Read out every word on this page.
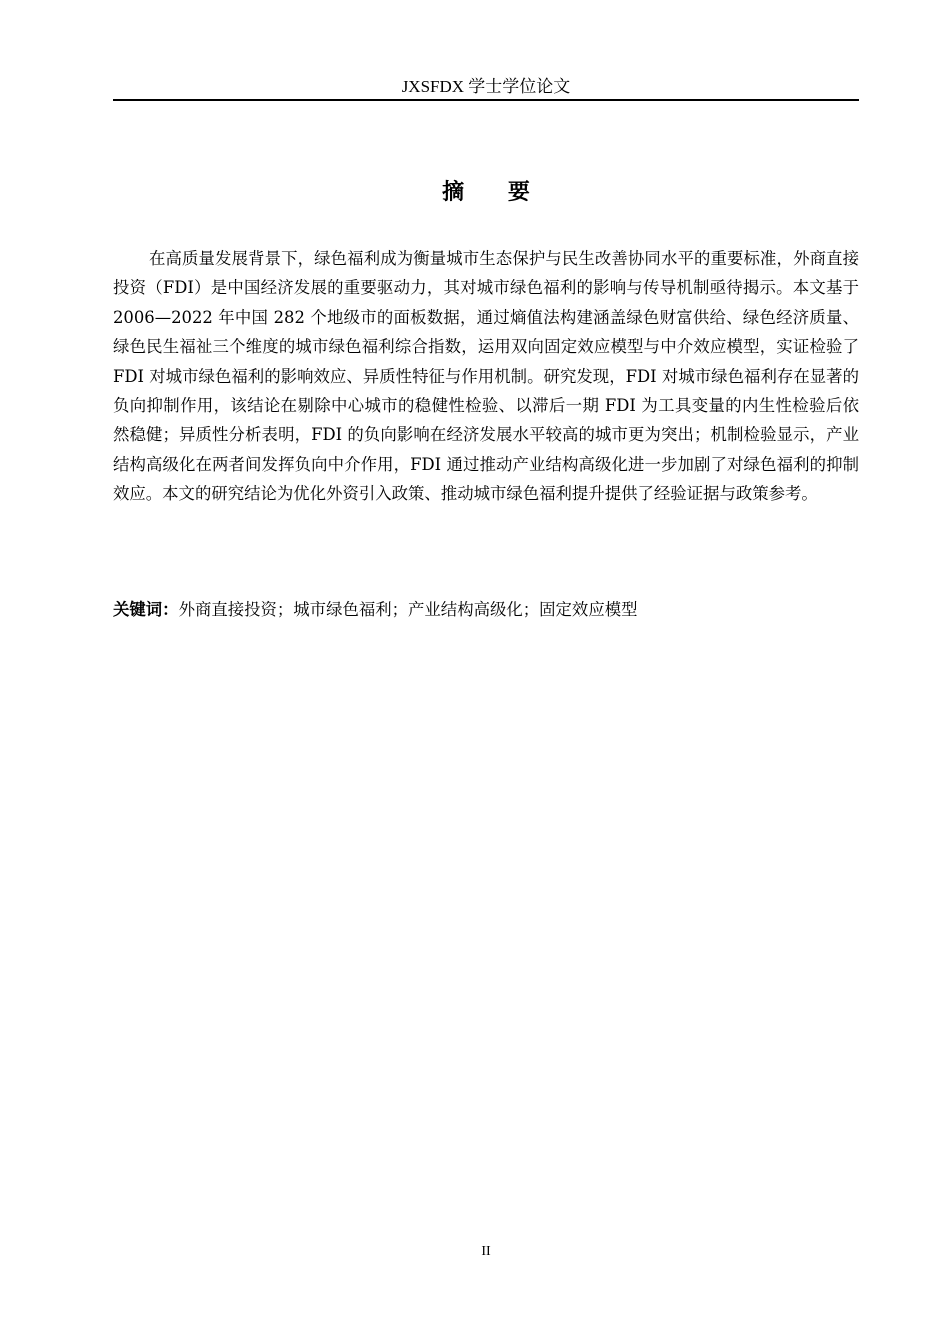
JXSFDX 学士学位论文
摘 要

在高质量发展背景下，绿色福利成为衡量城市生态保护与民生改善协同水平的重要标准，外商直接投资（FDI）是中国经济发展的重要驱动力，其对城市绿色福利的影响与传导机制亟待揭示。本文基于 2006—2022 年中国 282 个地级市的面板数据，通过熵值法构建涵盖绿色财富供给、绿色经济质量、绿色民生福祉三个维度的城市绿色福利综合指数，运用双向固定效应模型与中介效应模型，实证检验了 FDI 对城市绿色福利的影响效应、异质性特征与作用机制。研究发现，FDI 对城市绿色福利存在显著的负向抑制作用，该结论在剔除中心城市的稳健性检验、以滞后一期 FDI 为工具变量的内生性检验后依然稳健；异质性分析表明，FDI 的负向影响在经济发展水平较高的城市更为突出；机制检验显示，产业结构高级化在两者间发挥负向中介作用，FDI 通过推动产业结构高级化进一步加剧了对绿色福利的抑制效应。本文的研究结论为优化外资引入政策、推动城市绿色福利提升提供了经验证据与政策参考。

关键词：外商直接投资；城市绿色福利；产业结构高级化；固定效应模型
II
